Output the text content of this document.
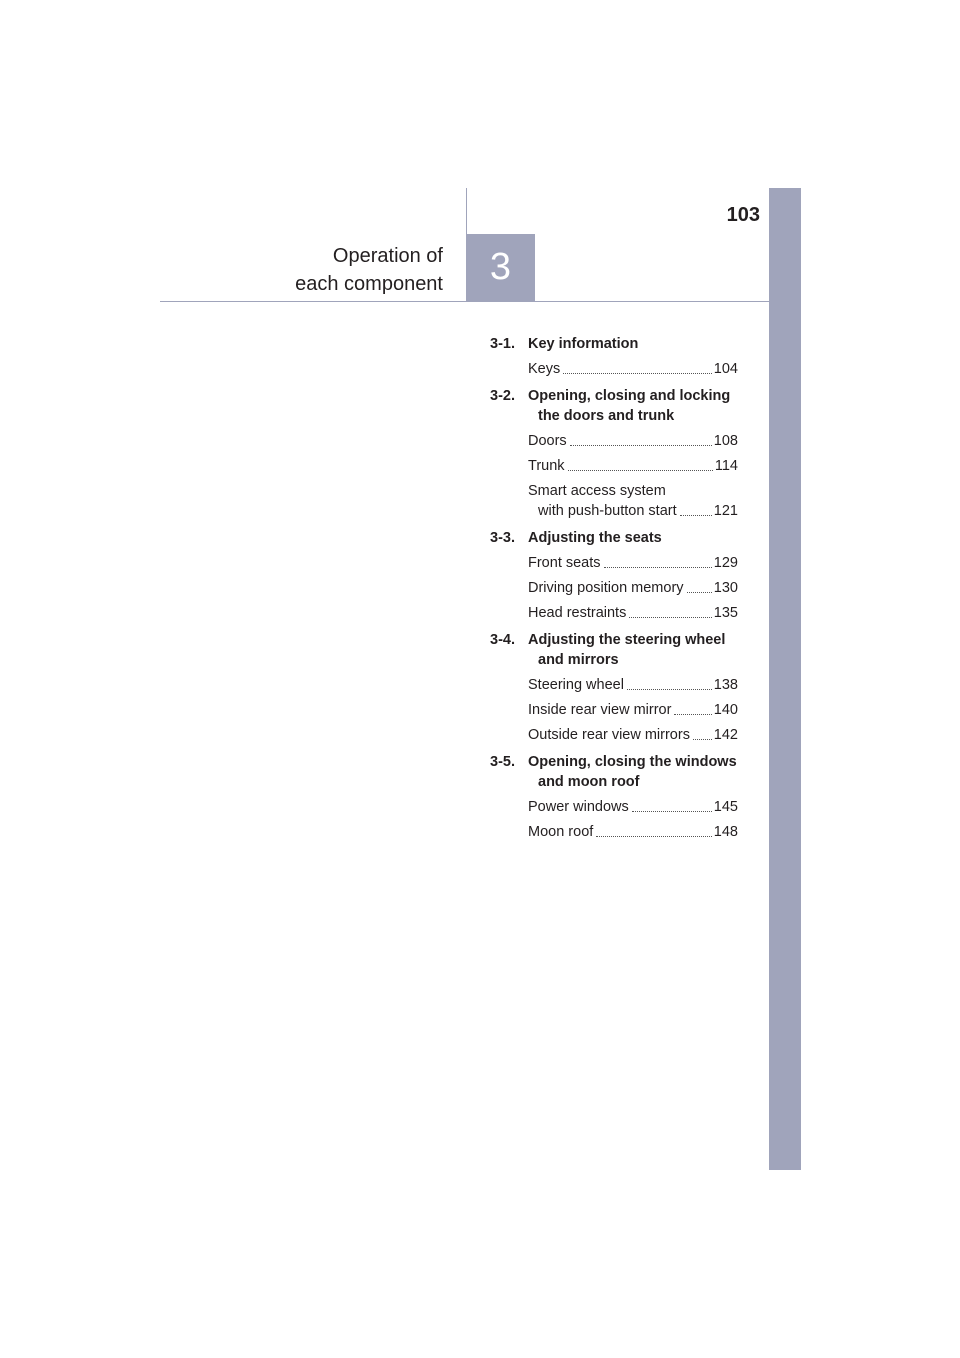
3
103
Operation of
each component
3-1. Key information
Keys	104
3-2. Opening, closing and locking
the doors and trunk
Doors	108
Trunk	114
Smart access system
with push-button start	121
3-3. Adjusting the seats
Front seats	129
Driving position memory 130
Head restraints	135
3-4. Adjusting the steering wheel
and mirrors
Steering wheel	138
Inside rear view mirror	140
Outside rear view mirrors 142
3-5. Opening, closing the windows
and moon roof
Power windows	145
Moon roof	148
